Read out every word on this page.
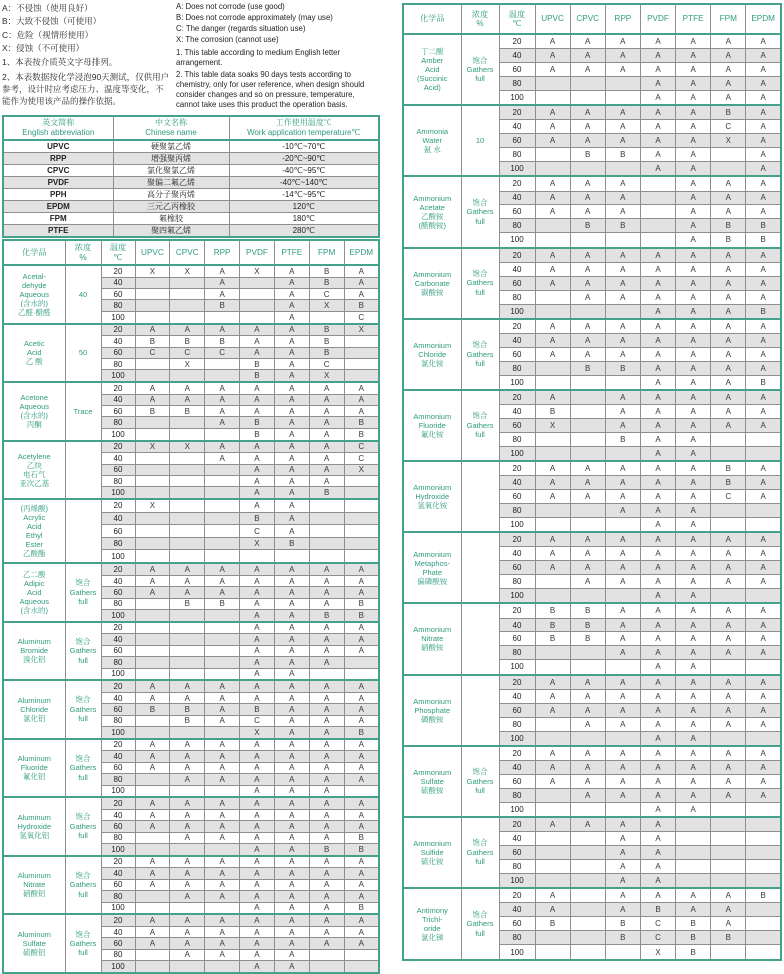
A：不侵蚀（使用良好）
B：大致不侵蚀（可使用）
C：危险（视情形使用）
X：侵蚀（不可使用）
1、本表按介质英文字母排列。
2、本表数据按化学浸泡90天测试，仅供用户参考，设计时应考虑压力、温度等变化，不能作为使用该产品的操作依据。
A: Does not corrode (use good)
B: Does not corrode approximately (may use)
C: The danger (regards situation use)
X: The corrosion (cannot use)
1. This table according to medium English letter arrangement.
2. This table data soaks 90 days tests according to chemistry, only for user reference, when design should consider changes and so on pressure, temperature, cannot take uses this product the operation basis.
英文简称
English abbreviation

中文名称
Chinese name

工作使用温度℃
Work application temperature℃

UPVC	硬聚氯乙烯	-10℃~70℃
RPP	增强聚丙烯	-20℃~90℃
CPVC	氯化聚氯乙烯	-40℃~95℃
PVDF	聚偏二氟乙烯	-40℃~140℃
PPH	高分子聚丙烯	-14℃~95℃
EPDM	三元乙丙橡胶	120℃
FPM	氟橡胶	180℃
PTFE	聚四氟乙烯	280℃
化学品

浓度
%

温度
℃

UPVC	CPVC	RPP	PVDF	PTFE	FPM	EPDM

Acetal-
dehyde
Aqueous
(含水的)
乙醛·醋醛	40	20	X	X	A	X	A	B	A
		40			A		A	B	A
		60			A		A	C	A
		80			B		A	X	B
		100					A		C

Acetic
Acid
乙 酸	50	20	A	A	A	A	A	B	X
		40	B	B	B	A	A	B	
		60	C	C	C	A	A	B	
		80		X		B	A	C	
		100				B	A	X	

Acetone
Aqueous
(含水的)
丙酮	Trace	20	A	A	A	A	A	A	A
		40	A	A	A	A	A	A	A
		60	B	B	A	A	A	A	A
		80			A	B	A	A	B
		100				B	A	A	B

Acetylene
乙炔
电石气
亚次乙基		20	X	X	A	A	A	A	C
		40			A	A	A	A	C
		60				A	A	A	X
		80				A	A	A	
		100				A	A	B	

(丙烯酸)
Acrylic
Acid
Ethyl
Ester
乙酸酯
		20	X			A	A		
		40				B	A		
		60				C	A		
		80				X	B		
		100							

乙二酸
Adipic
Acid
Aqueous
(含水的)	饱合
Gathers
full	20	A	A	A	A	A	A	A
		40	A	A	A	A	A	A	A
		60	A	A	A	A	A	A	A
		80		B	B	A	A	A	B
		100				A	A	B	B

Aluminum
Bromide
溴化铝	饱合
Gathers
full	20				A	A	A	A
		40				A	A	A	A
		60				A	A	A	A
		80				A	A	A	
		100				A	A		

Aluminum
Chloride
氯化铝	饱合
Gathers
full	20	A	A	A	A	A	A	A
		40	A	A	A	A	A	A	A
		60	B	B	A	B	A	A	A
		80		B	A	C	A	A	A
		100				X	A	A	B

Aluminum
Fluoride
氟化铝	饱合
Gathers
full	20	A	A	A	A	A	A	A
		40	A	A	A	A	A	A	A
		60	A	A	A	A	A	A	A
		80		A	A	A	A	A	A
		100				A	A	A	

Aluminum
Hydroxide
氢氧化铝	饱合
Gathers
full	20	A	A	A	A	A	A	A
		40	A	A	A	A	A	A	A
		60	A	A	A	A	A	A	A
		80		A	A	A	A	A	B
		100				A	A	B	B

Aluminum
Nitrate
硝酸铝	饱合
Gathers
full	20	A	A	A	A	A	A	A
		40	A	A	A	A	A	A	A
		60	A	A	A	A	A	A	A
		80		A	A	A	A	A	A
		100				A	A	A	B

Aluminum
Sulfate
硫酸铝	饱合
Gathers
full	20	A	A	A	A	A	A	A
		40	A	A	A	A	A	A	A
		60	A	A	A	A	A	A	A
		80		A	A	A	A		
		100				A	A		
化学品

浓度
%

温度
℃

UPVC	CPVC	RPP	PVDF	PTFE	FPM	EPDM

丁二酸
Amber
Acid
(Succinic
Acid)	饱合
Gathers
full	20	A	A	A	A	A	A	A
		40	A	A	A	A	A	A	A
		60	A	A	A	A	A	A	A
		80				A	A	A	A
		100				A	A	A	A

Ammonia
Water
氨 水	10	20	A	A	A	A	A	B	A
		40	A	A	A	A	A	C	A
		60	A	A	A	A	A	X	A
		80		B	B	A	A		A
		100				A	A		A

Ammonium
Acetate
乙酸铵
(醋酸铵)	饱合
Gathers
full	20	A	A	A		A	A	A
		40	A	A	A		A	A	A
		60	A	A	A		A	A	A
		80		B	B		A	B	B
		100					A	B	B

Ammonium
Carbonate
碳酸铵	饱合
Gathers
full	20	A	A	A	A	A	A	A
		40	A	A	A	A	A	A	A
		60	A	A	A	A	A	A	A
		80		A	A	A	A	A	A
		100				A	A	A	B

Ammonium
Chloride
氯化铵	饱合
Gathers
full	20	A	A	A	A	A	A	A
		40	A	A	A	A	A	A	A
		60	A	A	A	A	A	A	A
		80		B	B	A	A	A	A
		100				A	A	A	B

Ammonium
Fluoride
氟化铵	饱合
Gathers
full	20	A		A	A	A	A	A
		40	B		A	A	A	A	A
		60	X		A	A	A	A	A
		80			B	A	A		
		100				A	A		

Ammonium
Hydroxide
氢氧化铵		20	A	A	A	A	A	B	A
		40	A	A	A	A	A	B	A
		60	A	A	A	A	A	C	A
		80			A	A	A		
		100				A	A		

Ammonium
Metaphos-
Phate
偏磷酸铵		20	A	A	A	A	A	A	A
		40	A	A	A	A	A	A	A
		60	A	A	A	A	A	A	A
		80		A	A	A	A	A	A
		100				A	A		

Ammonium
Nitrate
硝酸铵		20	B	B	A	A	A	A	A
		40	B	B	A	A	A	A	A
		60	B	B	A	A	A	A	A
		80			A	A	A	A	A
		100				A	A		

Ammonium
Phosphate
磷酸铵		20	A	A	A	A	A	A	A
		40	A	A	A	A	A	A	A
		60	A	A	A	A	A	A	A
		80		A	A	A	A	A	A
		100				A	A		

Ammonium
Sulfate
硫酸铵	饱合
Gathers
full	20	A	A	A	A	A	A	A
		40	A	A	A	A	A	A	A
		60	A	A	A	A	A	A	A
		80		A	A	A	A	A	A
		100				A	A		

Ammonium
Sulfide
硫化铵	饱合
Gathers
full	20	A	A	A	A			
		40			A	A			
		60			A	A			
		80			A	A			
		100			A	A			

Antimony
Trichl-
oride
氯化锑	饱合
Gathers
full	20	A		A	A	A	A	B
		40	A		A	B	A	A	
		60	B		B	C	B	A	
		80			B	C	B	B	
		100				X	B		
